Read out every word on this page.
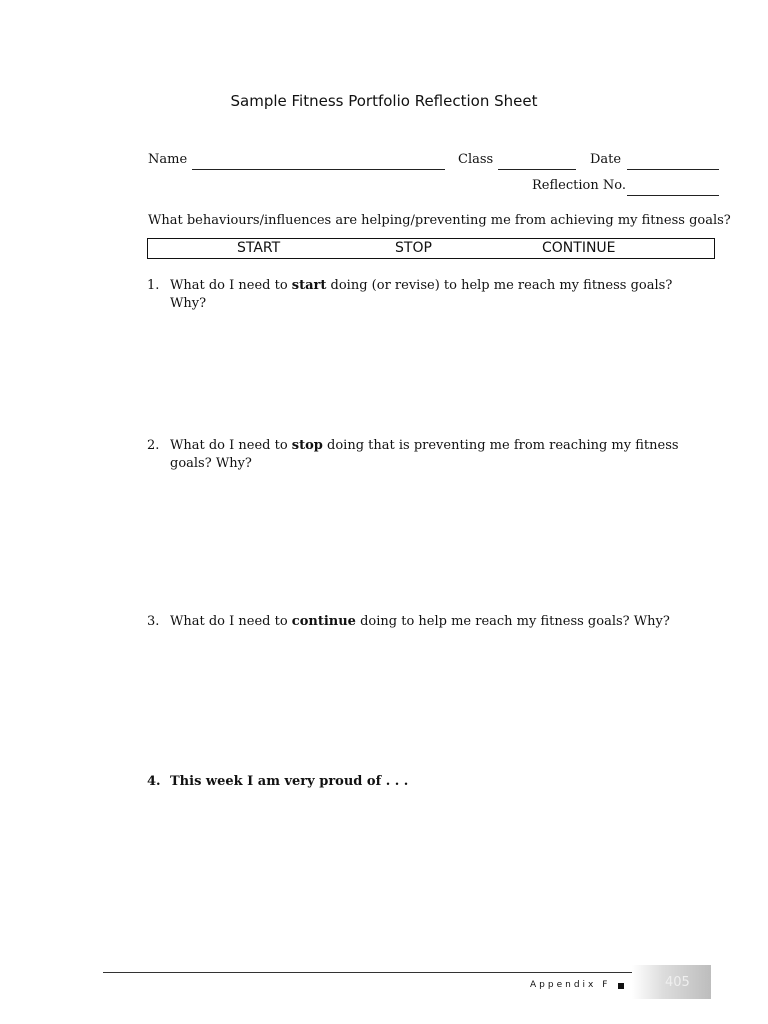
Sample Fitness Portfolio Reflection Sheet
Name	Class	Date
Reflection No.
What behaviours/influences are helping/preventing me from achieving my fitness goals?
START	STOP	CONTINUE
1. What do I need to start doing (or revise) to help me reach my fitness goals? Why?
2. What do I need to stop doing that is preventing me from reaching my fitness goals? Why?
3. What do I need to continue doing to help me reach my fitness goals? Why?
4. This week I am very proud of . . .
Appendix F	405
